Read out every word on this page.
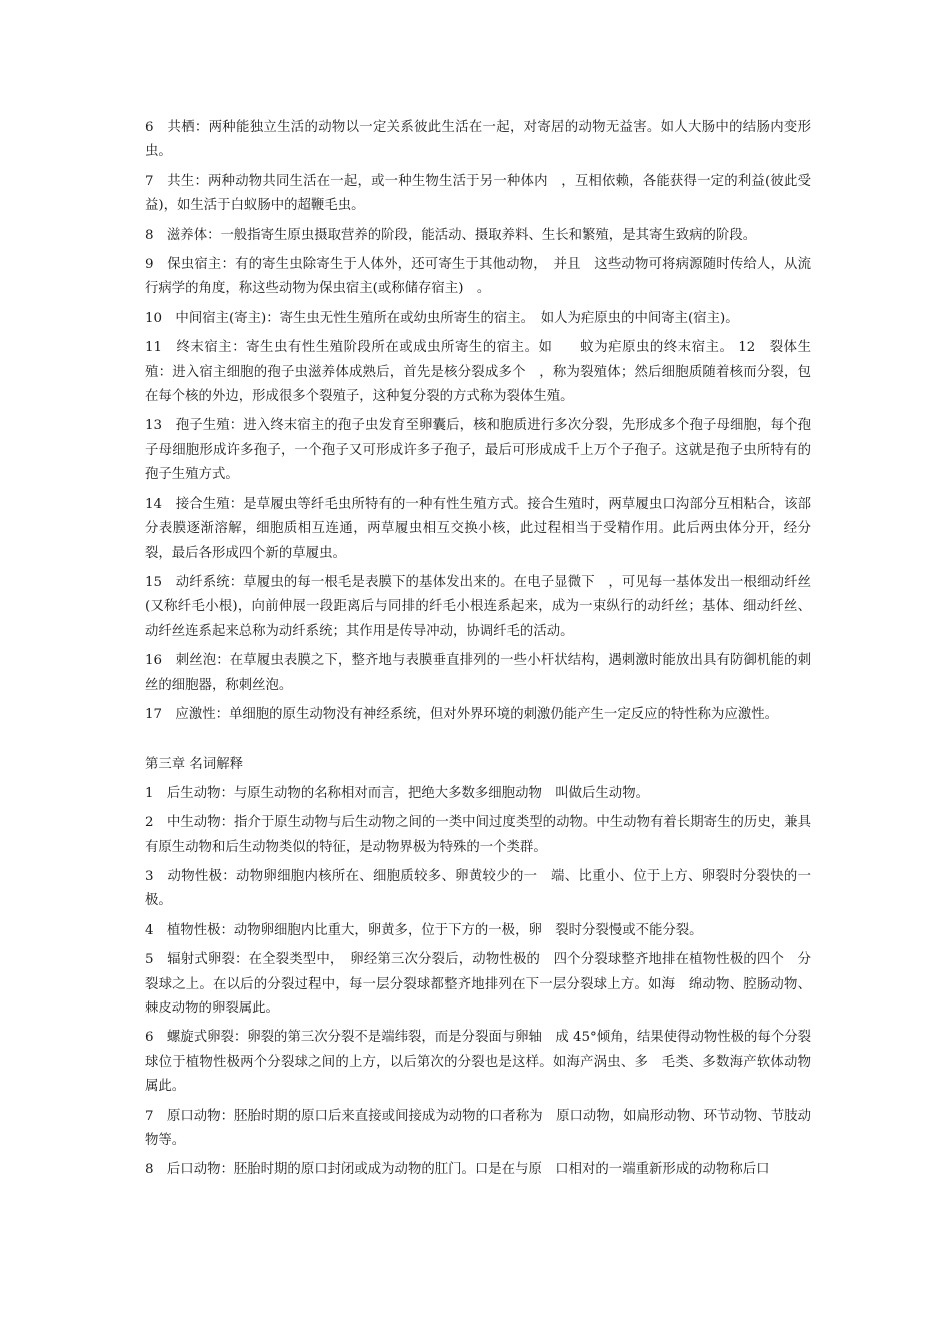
6　共栖：两种能独立生活的动物以一定关系彼此生活在一起，对寄居的动物无益害。如人大肠中的结肠内变形虫。

7　共生：两种动物共同生活在一起，或一种生物生活于另一种体内　，互相依赖，各能获得一定的利益(彼此受益)，如生活于白蚁肠中的超鞭毛虫。

8　滋养体：一般指寄生原虫摄取营养的阶段，能活动、摄取养料、生长和繁殖，是其寄生致病的阶段。

9　保虫宿主：有的寄生虫除寄生于人体外，还可寄生于其他动物，　并且　这些动物可将病源随时传给人，从流行病学的角度，称这些动物为保虫宿主(或称储存宿主)　。

10　中间宿主(寄主)：寄生虫无性生殖所在或幼虫所寄生的宿主。　如人为疟原虫的中间寄主(宿主)。

11　终末宿主：寄生虫有性生殖阶段所在或成虫所寄生的宿主。如　　蚊为疟原虫的终末宿主。 12　裂体生殖：进入宿主细胞的孢子虫滋养体成熟后，首先是核分裂成多个　，称为裂殖体；然后细胞质随着核而分裂，包在每个核的外边，形成很多个裂殖子，这种复分裂的方式称为裂体生殖。

13　孢子生殖：进入终末宿主的孢子虫发育至卵囊后，核和胞质进行多次分裂，先形成多个孢子母细胞，每个孢子母细胞形成许多孢子，一个孢子又可形成许多子孢子，最后可形成成千上万个子孢子。这就是孢子虫所特有的孢子生殖方式。

14　接合生殖：是草履虫等纤毛虫所特有的一种有性生殖方式。接合生殖时，两草履虫口沟部分互相粘合，该部分表膜逐渐溶解，细胞质相互连通，两草履虫相互交换小核，此过程相当于受精作用。此后两虫体分开，经分裂，最后各形成四个新的草履虫。

15　动纤系统：草履虫的每一根毛是表膜下的基体发出来的。在电子显微下　，可见每一基体发出一根细动纤丝(又称纤毛小根)，向前伸展一段距离后与同排的纤毛小根连系起来，成为一束纵行的动纤丝；基体、细动纤丝、动纤丝连系起来总称为动纤系统；其作用是传导冲动，协调纤毛的活动。

16　刺丝泡：在草履虫表膜之下，整齐地与表膜垂直排列的一些小杆状结构，遇刺激时能放出具有防御机能的刺丝的细胞器，称刺丝泡。

17　应激性：单细胞的原生动物没有神经系统，但对外界环境的刺激仍能产生一定反应的特性称为应激性。

第三章 名词解释

1　后生动物：与原生动物的名称相对而言，把绝大多数多细胞动物　叫做后生动物。

2　中生动物：指介于原生动物与后生动物之间的一类中间过度类型的动物。中生动物有着长期寄生的历史，兼具有原生动物和后生动物类似的特征，是动物界极为特殊的一个类群。

3　动物性极：动物卵细胞内核所在、细胞质较多、卵黄较少的一　端、比重小、位于上方、卵裂时分裂快的一极。

4　植物性极：动物卵细胞内比重大，卵黄多，位于下方的一极，卵　裂时分裂慢或不能分裂。

5　辐射式卵裂：在全裂类型中，　卵经第三次分裂后，动物性极的　四个分裂球整齐地排在植物性极的四个　分裂球之上。在以后的分裂过程中，每一层分裂球都整齐地排列在下一层分裂球上方。如海　绵动物、腔肠动物、棘皮动物的卵裂属此。

6　螺旋式卵裂：卵裂的第三次分裂不是端纬裂，而是分裂面与卵轴　成 45°倾角，结果使得动物性极的每个分裂球位于植物性极两个分裂球之间的上方，以后第次的分裂也是这样。如海产涡虫、多　毛类、多数海产软体动物属此。

7　原口动物：胚胎时期的原口后来直接或间接成为动物的口者称为　原口动物，如扁形动物、环节动物、节肢动物等。

8　后口动物：胚胎时期的原口封闭或成为动物的肛门。口是在与原　口相对的一端重新形成的动物称后口
